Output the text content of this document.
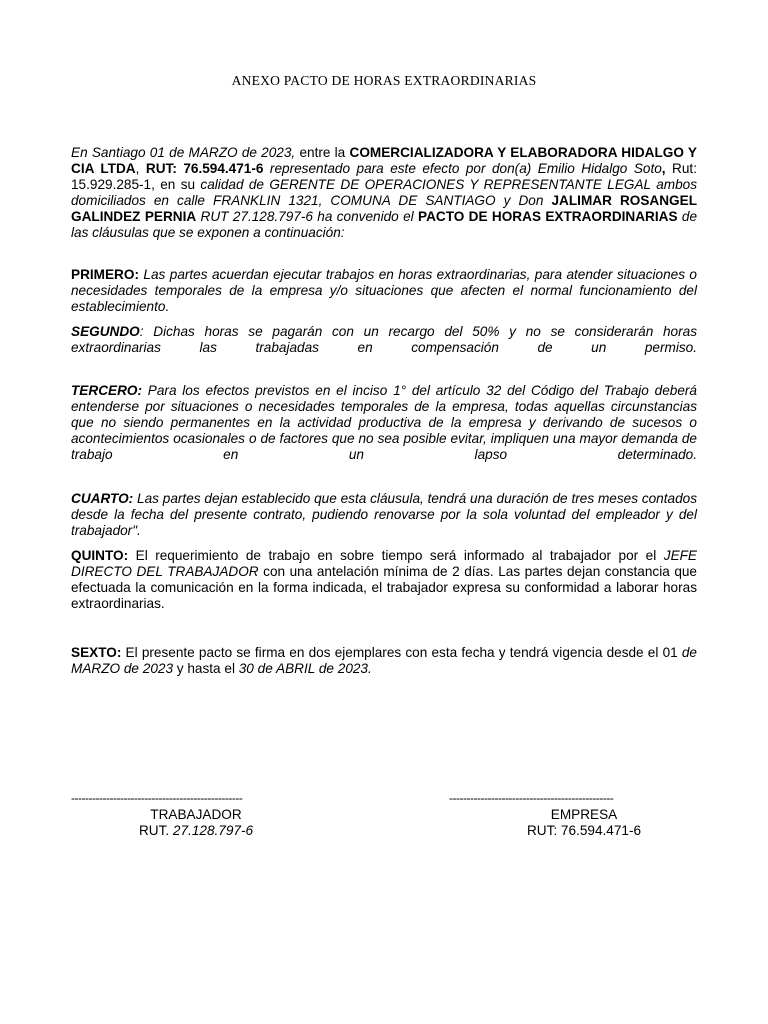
ANEXO PACTO DE HORAS EXTRAORDINARIAS
En Santiago 01 de MARZO de 2023, entre la COMERCIALIZADORA Y ELABORADORA HIDALGO Y CIA LTDA, RUT: 76.594.471-6 representado para este efecto por don(a) Emilio Hidalgo Soto, Rut: 15.929.285-1, en su calidad de GERENTE DE OPERACIONES Y REPRESENTANTE LEGAL ambos domiciliados en calle FRANKLIN 1321, COMUNA DE SANTIAGO y Don JALIMAR ROSANGEL GALINDEZ PERNIA RUT 27.128.797-6 ha convenido el PACTO DE HORAS EXTRAORDINARIAS de las cláusulas que se exponen a continuación:
PRIMERO: Las partes acuerdan ejecutar trabajos en horas extraordinarias, para atender situaciones o necesidades temporales de la empresa y/o situaciones que afecten el normal funcionamiento del establecimiento.
SEGUNDO: Dichas horas se pagarán con un recargo del 50% y no se considerarán horas extraordinarias las trabajadas en compensación de un permiso.
TERCERO: Para los efectos previstos en el inciso 1° del artículo 32 del Código del Trabajo deberá entenderse por situaciones o necesidades temporales de la empresa, todas aquellas circunstancias que no siendo permanentes en la actividad productiva de la empresa y derivando de sucesos o acontecimientos ocasionales o de factores que no sea posible evitar, impliquen una mayor demanda de trabajo en un lapso determinado.
CUARTO: Las partes dejan establecido que esta cláusula, tendrá una duración de tres meses contados desde la fecha del presente contrato, pudiendo renovarse por la sola voluntad del empleador y del trabajador".
QUINTO: El requerimiento de trabajo en sobre tiempo será informado al trabajador por el JEFE DIRECTO DEL TRABAJADOR con una antelación mínima de 2 días. Las partes dejan constancia que efectuada la comunicación en la forma indicada, el trabajador expresa su conformidad a laborar horas extraordinarias.
SEXTO: El presente pacto se firma en dos ejemplares con esta fecha y tendrá vigencia desde el 01 de MARZO de 2023 y hasta el 30 de ABRIL de 2023.
-------------------------------------------------
TRABAJADOR
RUT. 27.128.797-6
-----------------------------------------------
EMPRESA
RUT: 76.594.471-6
